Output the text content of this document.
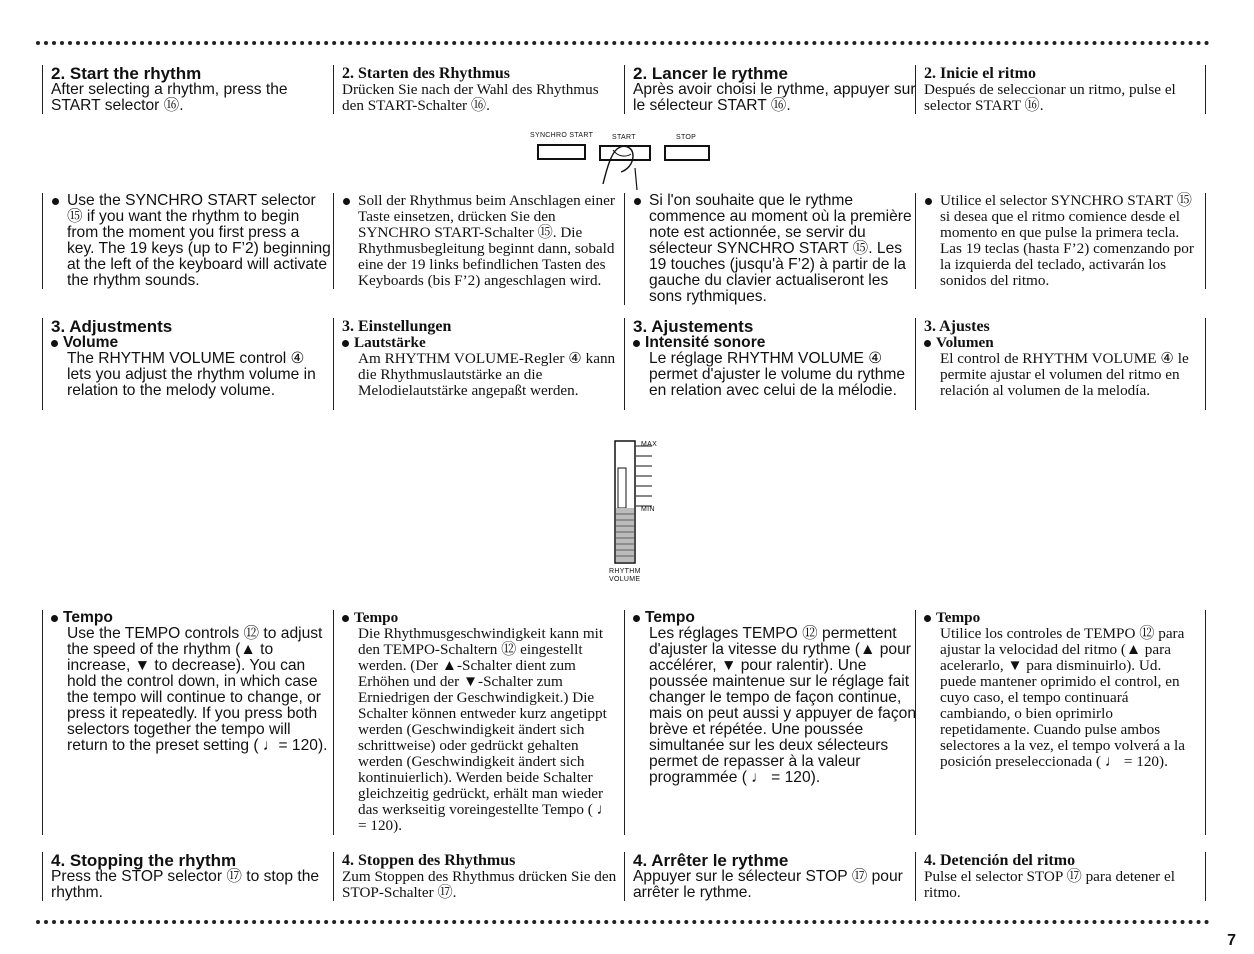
2. Start the rhythm

After selecting a rhythm, press the START selector ⑯.

2. Starten des Rhythmus

Drücken Sie nach der Wahl des Rhythmus den START-Schalter ⑯.

2. Lancer le rythme

Après avoir choisi le rythme, appuyer sur le sélecteur START ⑯.

2. Inicie el ritmo

Después de seleccionar un ritmo, pulse el selector START ⑯.

SYNCHRO START	START	STOP

Use the SYNCHRO START selector ⑮ if you want the rhythm to begin from the moment you first press a key. The 19 keys (up to F’2) beginning at the left of the keyboard will activate the rhythm sounds.

Soll der Rhythmus beim Anschlagen einer Taste einsetzen, drücken Sie den SYNCHRO START-Schalter ⑮. Die Rhythmusbegleitung beginnt dann, sobald eine der 19 links befindlichen Tasten des Keyboards (bis F’2) angeschlagen wird.

Si l'on souhaite que le rythme commence au moment où la première note est actionnée, se servir du sélecteur SYNCHRO START ⑮. Les 19 touches (jusqu'à F’2) à partir de la gauche du clavier actualiseront les sons rythmiques.

Utilice el selector SYNCHRO START ⑮ si desea que el ritmo comience desde el momento en que pulse la primera tecla. Las 19 teclas (hasta F’2) comenzando por la izquierda del teclado, activarán los sonidos del ritmo.

3. Adjustments

Volume

The RHYTHM VOLUME control ④ lets you adjust the rhythm volume in relation to the melody volume.

3. Einstellungen

Lautstärke

Am RHYTHM VOLUME-Regler ④ kann die Rhythmuslautstärke an die Melodielautstärke angepaßt werden.

3. Ajustements

Intensité sonore

Le réglage RHYTHM VOLUME ④ permet d'ajuster le volume du rythme en relation avec celui de la mélodie.

3. Ajustes

Volumen

El control de RHYTHM VOLUME ④ le permite ajustar el volumen del ritmo en relación al volumen de la melodía.

MAX
MIN
RHYTHM
VOLUME

Tempo

Use the TEMPO controls ⑫ to adjust the speed of the rhythm (▲ to increase, ▼ to decrease). You can hold the control down, in which case the tempo will continue to change, or press it repeatedly. If you press both selectors together the tempo will return to the preset setting ( ♩= 120).

Tempo

Die Rhythmusgeschwindigkeit kann mit den TEMPO-Schaltern ⑫ eingestellt werden. (Der ▲-Schalter dient zum Erhöhen und der ▼-Schalter zum Erniedrigen der Geschwindigkeit.) Die Schalter können entweder kurz angetippt werden (Geschwindigkeit ändert sich schrittweise) oder gedrückt gehalten werden (Geschwindigkeit ändert sich kontinuierlich). Werden beide Schalter gleichzeitig gedrückt, erhält man wieder das werkseitig voreingestellte Tempo ( ♩ = 120).

Tempo

Les réglages TEMPO ⑫ permettent d'ajuster la vitesse du rythme (▲ pour accélérer, ▼ pour ralentir). Une poussée maintenue sur le réglage fait changer le tempo de façon continue, mais on peut aussi y appuyer de façon brève et répétée. Une poussée simultanée sur les deux sélecteurs permet de repasser à la valeur programmée ( ♩ = 120).

Tempo

Utilice los controles de TEMPO ⑫ para ajustar la velocidad del ritmo (▲ para acelerarlo, ▼ para disminuirlo). Ud. puede mantener oprimido el control, en cuyo caso, el tempo continuará cambiando, o bien oprimirlo repetidamente. Cuando pulse ambos selectores a la vez, el tempo volverá a la posición preseleccionada ( ♩ = 120).

4. Stopping the rhythm

Press the STOP selector ⑰ to stop the rhythm.

4. Stoppen des Rhythmus

Zum Stoppen des Rhythmus drücken Sie den STOP-Schalter ⑰.

4. Arrêter le rythme

Appuyer sur le sélecteur STOP ⑰ pour arrêter le rythme.

4. Detención del ritmo

Pulse el selector STOP ⑰ para detener el ritmo.

7
